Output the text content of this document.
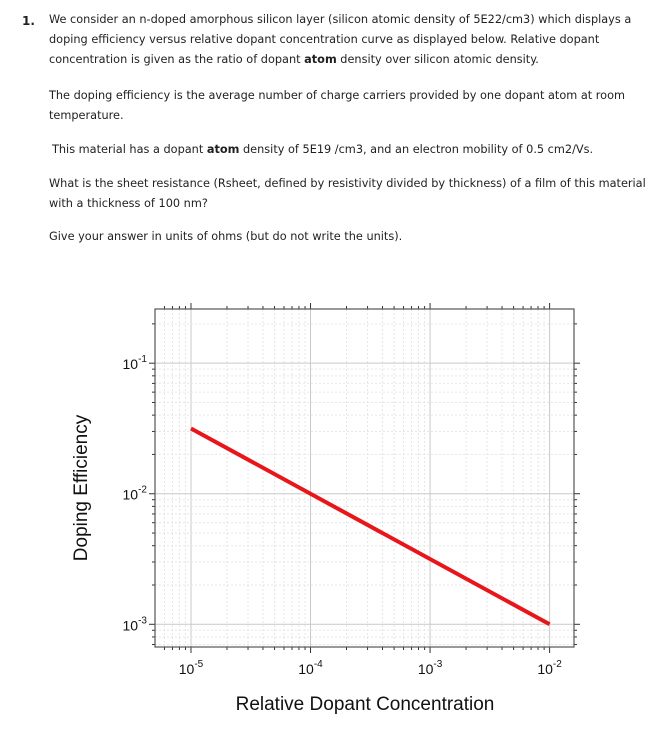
1. We consider an n-doped amorphous silicon layer (silicon atomic density of 5E22/cm3) which displays a doping efficiency versus relative dopant concentration curve as displayed below. Relative dopant concentration is given as the ratio of dopant atom density over silicon atomic density.

The doping efficiency is the average number of charge carriers provided by one dopant atom at room temperature.

This material has a dopant atom density of 5E19 /cm3, and an electron mobility of 0.5 cm2/Vs.

What is the sheet resistance (Rsheet, defined by resistivity divided by thickness) of a film of this material with a thickness of 100 nm?

Give your answer in units of ohms (but do not write the units).

$10^{-5}$	$10^{-4}$	$10^{-3}$	$10^{-2}$
$10^{-1}$
$10^{-2}$
$10^{-3}$
Relative Dopant Concentration
Doping Efficiency
